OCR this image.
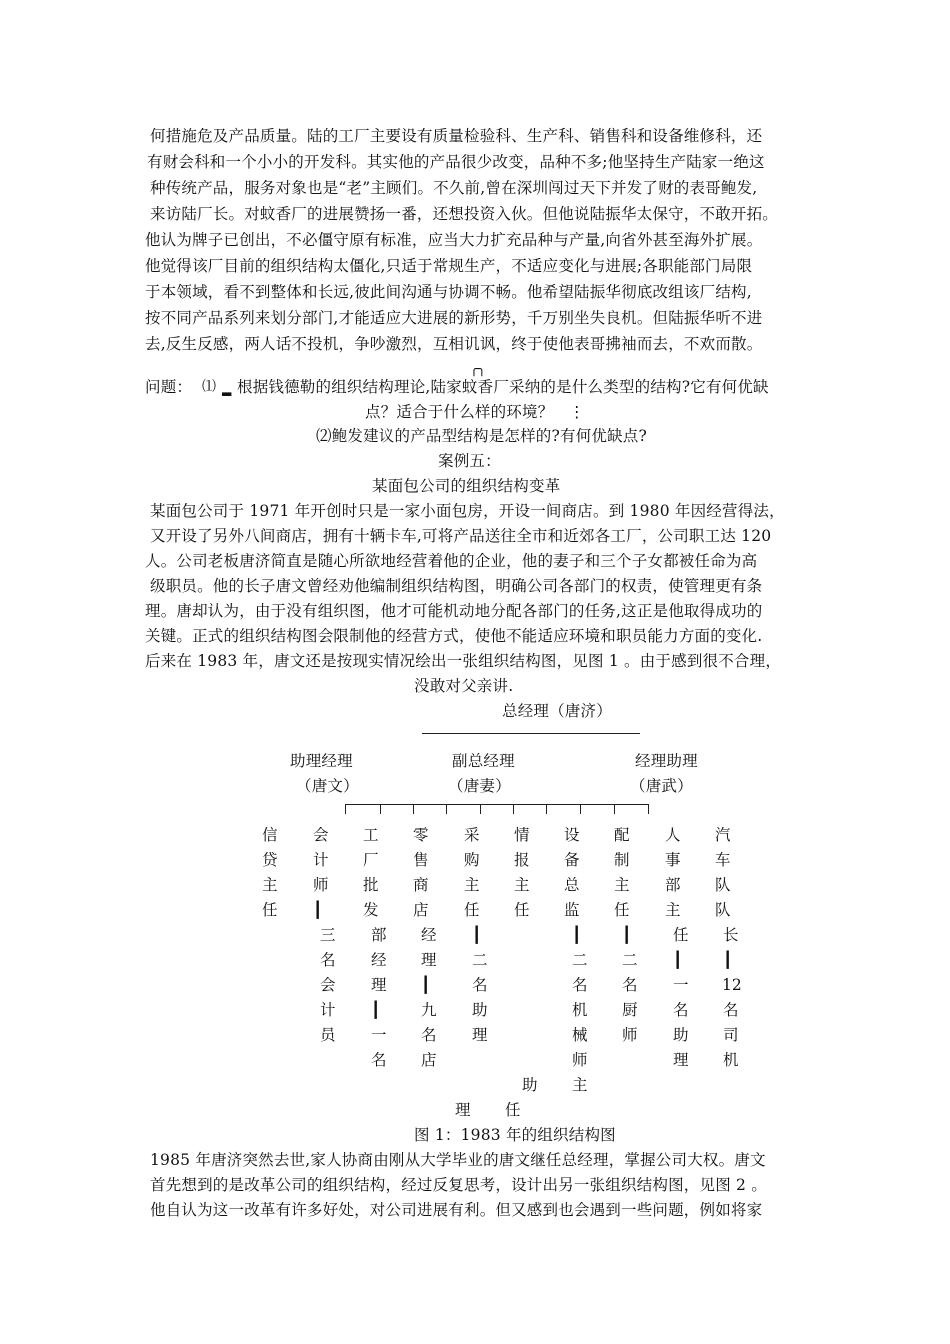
何措施危及产品质量。陆的工厂主要设有质量检验科、生产科、销售科和设备维修科，还
有财会科和一个小小的开发科。其实他的产品很少改变，品种不多;他坚持生产陆家一绝这
种传统产品，服务对象也是“老”主顾们。不久前,曾在深圳闯过天下并发了财的表哥鲍发,
来访陆厂长。对蚊香厂的进展赞扬一番，还想投资入伙。但他说陆振华太保守，不敢开拓。
他认为牌子已创出，不必僵守原有标准，应当大力扩充品种与产量,向省外甚至海外扩展。
他觉得该厂目前的组织结构太僵化,只适于常规生产，不适应变化与进展;各职能部门局限
于本领域，看不到整体和长远,彼此间沟通与协调不畅。他希望陆振华彻底改组该厂结构,
按不同产品系列来划分部门,才能适应大进展的新形势，千万别坐失良机。但陆振华听不进
去,反生反感，两人话不投机，争吵激烈，互相讥讽，终于使他表哥拂袖而去，不欢而散。
╭╮
问题： ⑴ ▂ 根据钱德勒的组织结构理论,陆家蚊香厂采纳的是什么类型的结构?它有何优缺
点？适合于什么样的环境？ ⋮
⑵鲍发建议的产品型结构是怎样的?有何优缺点?
案例五：
某面包公司的组织结构变革
某面包公司于 1971 年开创时只是一家小面包房，开设一间商店。到 1980 年因经营得法，
又开设了另外八间商店，拥有十辆卡车,可将产品送往全市和近郊各工厂，公司职工达 120
人。公司老板唐济简直是随心所欲地经营着他的企业，他的妻子和三个子女都被任命为高
级职员。他的长子唐文曾经劝他编制组织结构图，明确公司各部门的权责，使管理更有条
理。唐却认为，由于没有组织图，他才可能机动地分配各部门的任务,这正是他取得成功的
关键。正式的组织结构图会限制他的经营方式，使他不能适应环境和职员能力方面的变化.
后来在 1983 年，唐文还是按现实情况绘出一张组织结构图，见图 1 。由于感到很不合理，
没敢对父亲讲.
总经理（唐济）
助理经理
（唐文）
副总经理
（唐妻）
经理助理
（唐武）
信
贷
主
任
会
计
师
┃
工
厂
批
发
零
售
商
店
采
购
主
任
情
报
主
任
设
备
总
监
配
制
主
任
人
事
部
主
汽
车
队
队
三
名
会
计
员
部
经
理
┃
一
名
经
理
┃
九
名
店
┃
二
名
助
理
┃
二
名
机
械
师
┃
二
名
厨
师
任
┃
一
名
助
理
长
┃
12
名
司
机
助 主
理 任
图 1：1983 年的组织结构图
1985 年唐济突然去世,家人协商由刚从大学毕业的唐文继任总经理，掌握公司大权。唐文
首先想到的是改革公司的组织结构，经过反复思考，设计出另一张组织结构图，见图 2 。
他自认为这一改革有许多好处，对公司进展有利。但又感到也会遇到一些问题，例如将家
